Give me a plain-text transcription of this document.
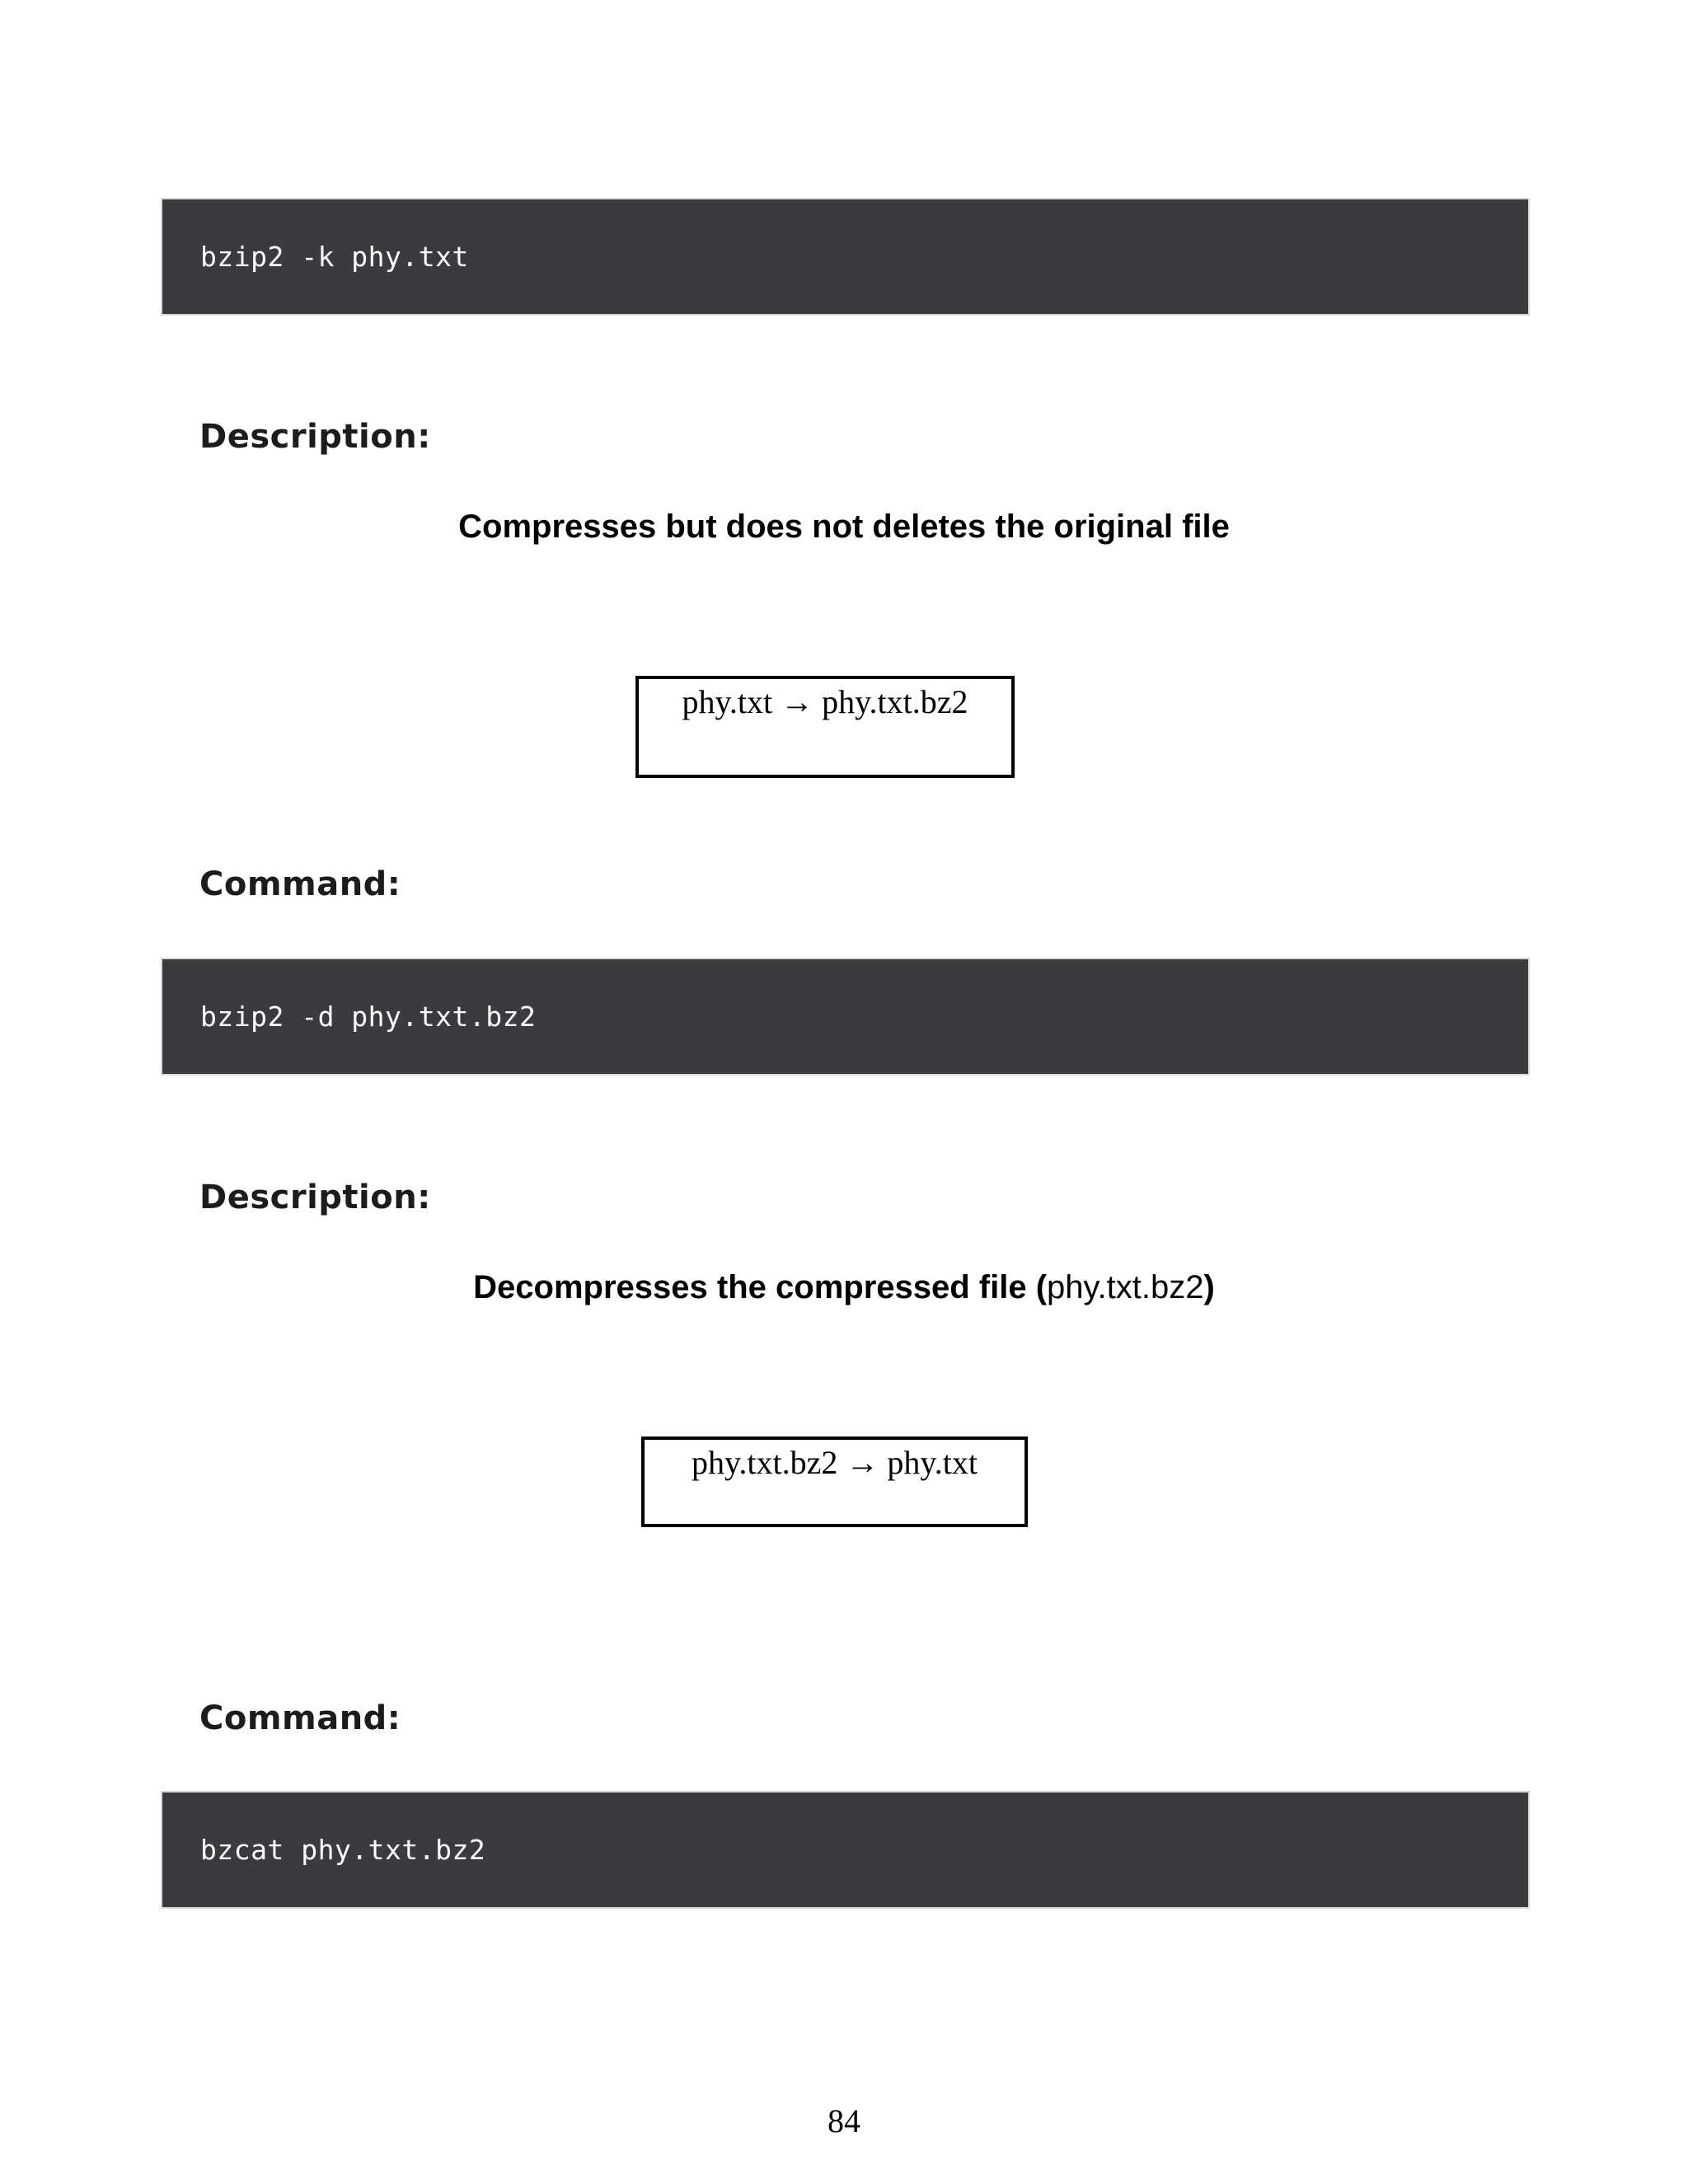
bzip2 -k phy.txt
Description:
Compresses but does not deletes the original file
phy.txt → phy.txt.bz2
Command:
bzip2 -d phy.txt.bz2
Description:
Decompresses the compressed file (phy.txt.bz2)
phy.txt.bz2 → phy.txt
Command:
bzcat phy.txt.bz2
84
